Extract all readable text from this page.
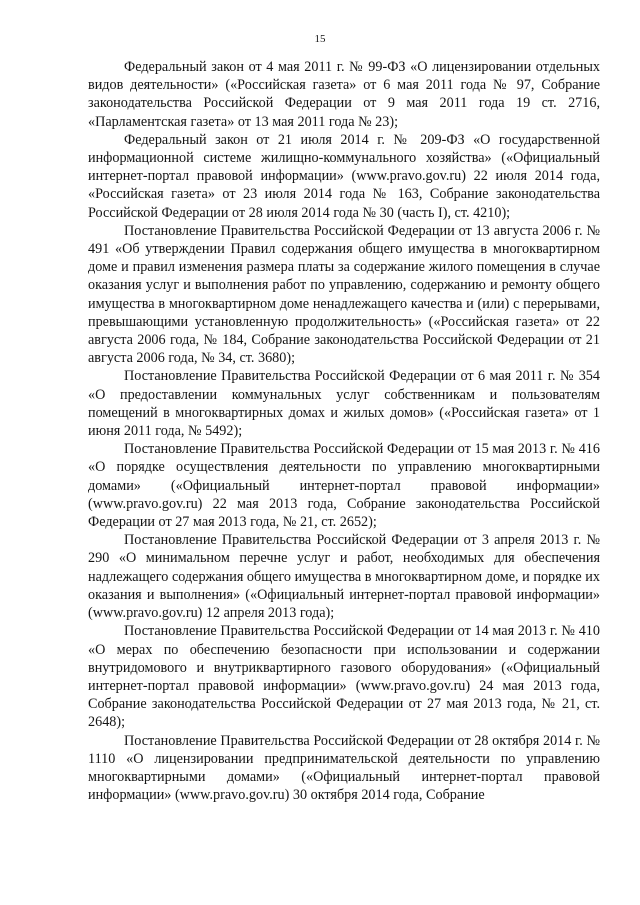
15

Федеральный закон от 4 мая 2011 г. № 99-ФЗ «О лицензировании отдельных видов деятельности» («Российская газета» от 6 мая 2011 года № 97, Собрание законодательства Российской Федерации от 9 мая 2011 года 19 ст. 2716, «Парламентская газета» от 13 мая 2011 года № 23);

Федеральный закон от 21 июля 2014 г. № 209-ФЗ «О государственной информационной системе жилищно-коммунального хозяйства» («Официальный интернет-портал правовой информации» (www.pravo.gov.ru) 22 июля 2014 года, «Российская газета» от 23 июля 2014 года № 163, Собрание законодательства Российской Федерации от 28 июля 2014 года № 30 (часть I), ст. 4210);

Постановление Правительства Российской Федерации от 13 августа 2006 г. № 491 «Об утверждении Правил содержания общего имущества в многоквартирном доме и правил изменения размера платы за содержание жилого помещения в случае оказания услуг и выполнения работ по управлению, содержанию и ремонту общего имущества в многоквартирном доме ненадлежащего качества и (или) с перерывами, превышающими установленную продолжительность» («Российская газета» от 22 августа 2006 года, № 184, Собрание законодательства Российской Федерации от 21 августа 2006 года, № 34, ст. 3680);

Постановление Правительства Российской Федерации от 6 мая 2011 г. № 354 «О предоставлении коммунальных услуг собственникам и пользователям помещений в многоквартирных домах и жилых домов» («Российская газета» от 1 июня 2011 года, № 5492);

Постановление Правительства Российской Федерации от 15 мая 2013 г. № 416 «О порядке осуществления деятельности по управлению многоквартирными домами» («Официальный интернет-портал правовой информации» (www.pravo.gov.ru) 22 мая 2013 года, Собрание законодательства Российской Федерации от 27 мая 2013 года, № 21, ст. 2652);

Постановление Правительства Российской Федерации от 3 апреля 2013 г. № 290 «О минимальном перечне услуг и работ, необходимых для обеспечения надлежащего содержания общего имущества в многоквартирном доме, и порядке их оказания и выполнения» («Официальный интернет-портал правовой информации» (www.pravo.gov.ru) 12 апреля 2013 года);

Постановление Правительства Российской Федерации от 14 мая 2013 г. № 410 «О мерах по обеспечению безопасности при использовании и содержании внутридомового и внутриквартирного газового оборудования» («Официальный интернет-портал правовой информации» (www.pravo.gov.ru) 24 мая 2013 года, Собрание законодательства Российской Федерации от 27 мая 2013 года, № 21, ст. 2648);

Постановление Правительства Российской Федерации от 28 октября 2014 г. № 1110 «О лицензировании предпринимательской деятельности по управлению многоквартирными домами» («Официальный интернет-портал правовой информации» (www.pravo.gov.ru) 30 октября 2014 года, Собрание
